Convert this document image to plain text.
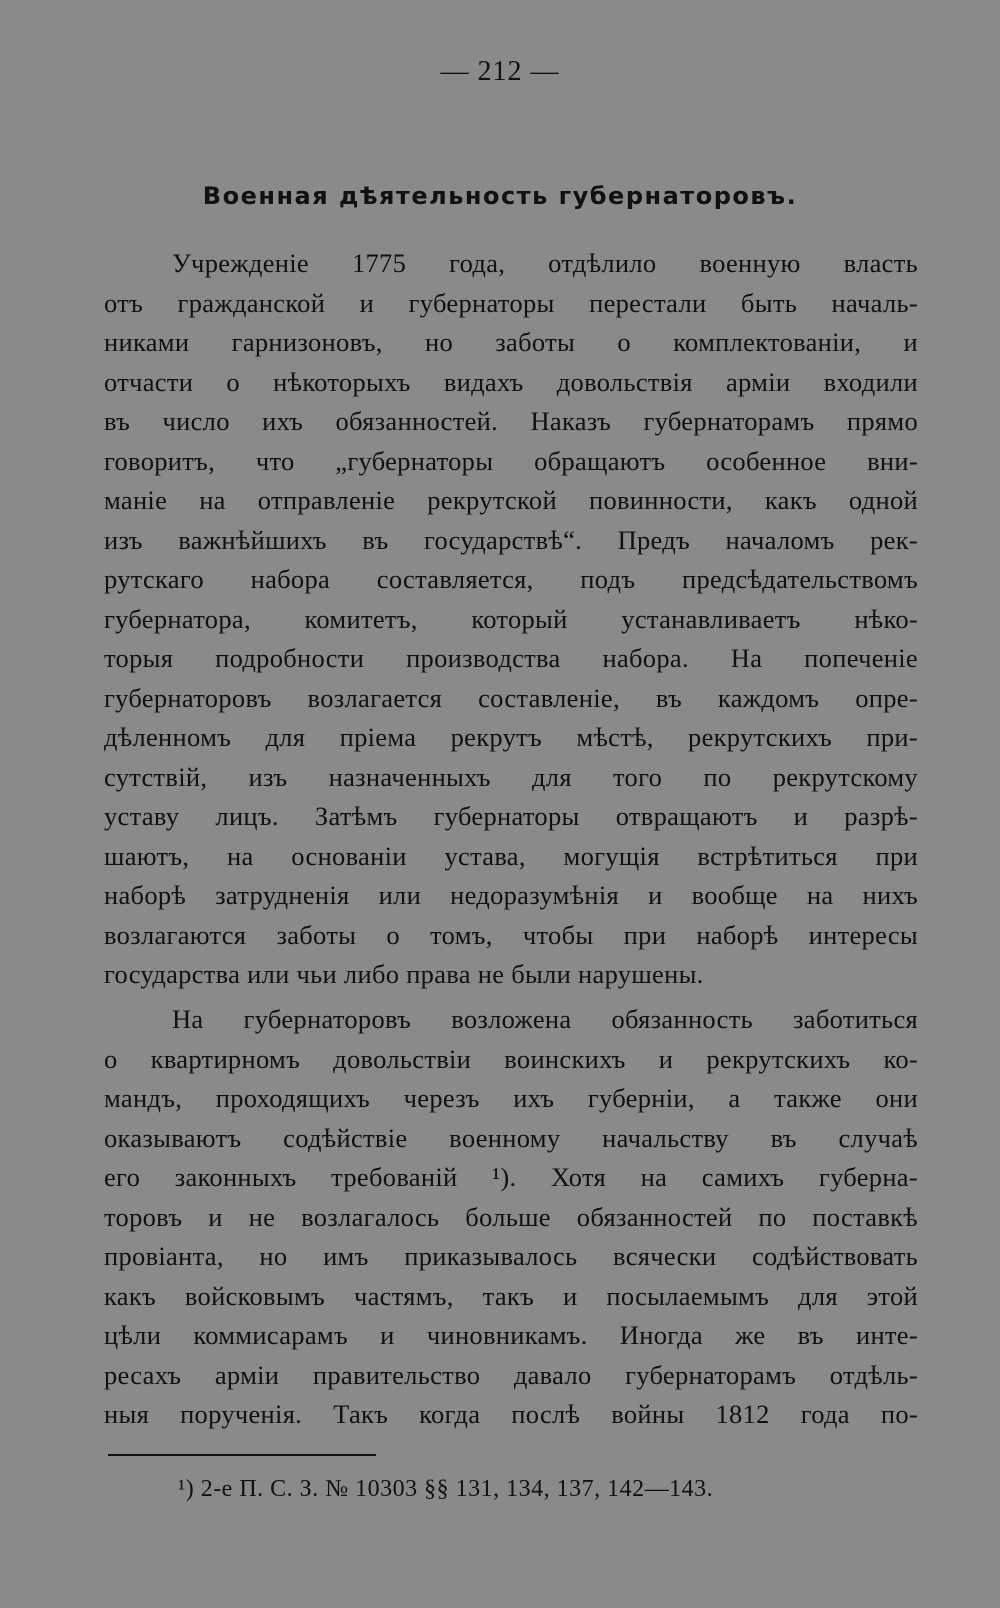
— 212 —
Военная дѣятельность губернаторовъ.
Учрежденіе 1775 года, отдѣлило военную власть
отъ гражданской и губернаторы перестали быть началь-
никами гарнизоновъ, но заботы о комплектованіи, и
отчасти о нѣкоторыхъ видахъ довольствія арміи входили
въ число ихъ обязанностей. Наказъ губернаторамъ прямо
говоритъ, что „губернаторы обращаютъ особенное вни-
маніе на отправленіе рекрутской повинности, какъ одной
изъ важнѣйшихъ въ государствѣ“. Предъ началомъ рек-
рутскаго набора составляется, подъ предсѣдательствомъ
губернатора, комитетъ, который устанавливаетъ нѣко-
торыя подробности производства набора. На попеченіе
губернаторовъ возлагается составленіе, въ каждомъ опре-
дѣленномъ для пріема рекрутъ мѣстѣ, рекрутскихъ при-
сутствій, изъ назначенныхъ для того по рекрутскому
уставу лицъ. Затѣмъ губернаторы отвращаютъ и разрѣ-
шаютъ, на основаніи устава, могущія встрѣтиться при
наборѣ затрудненія или недоразумѣнія и вообще на нихъ
возлагаются заботы о томъ, чтобы при наборѣ интересы
государства или чьи либо права не были нарушены.
На губернаторовъ возложена обязанность заботиться
о квартирномъ довольствіи воинскихъ и рекрутскихъ ко-
мандъ, проходящихъ черезъ ихъ губерніи, а также они
оказываютъ содѣйствіе военному начальству въ случаѣ
его законныхъ требованій ¹). Хотя на самихъ губерна-
торовъ и не возлагалось больше обязанностей по поставкѣ
провіанта, но имъ приказывалось всячески содѣйствовать
какъ войсковымъ частямъ, такъ и посылаемымъ для этой
цѣли коммисарамъ и чиновникамъ. Иногда же въ инте-
ресахъ арміи правительство давало губернаторамъ отдѣль-
ныя порученія. Такъ когда послѣ войны 1812 года по-
¹) 2-е П. С. З. № 10303 §§ 131, 134, 137, 142—143.
